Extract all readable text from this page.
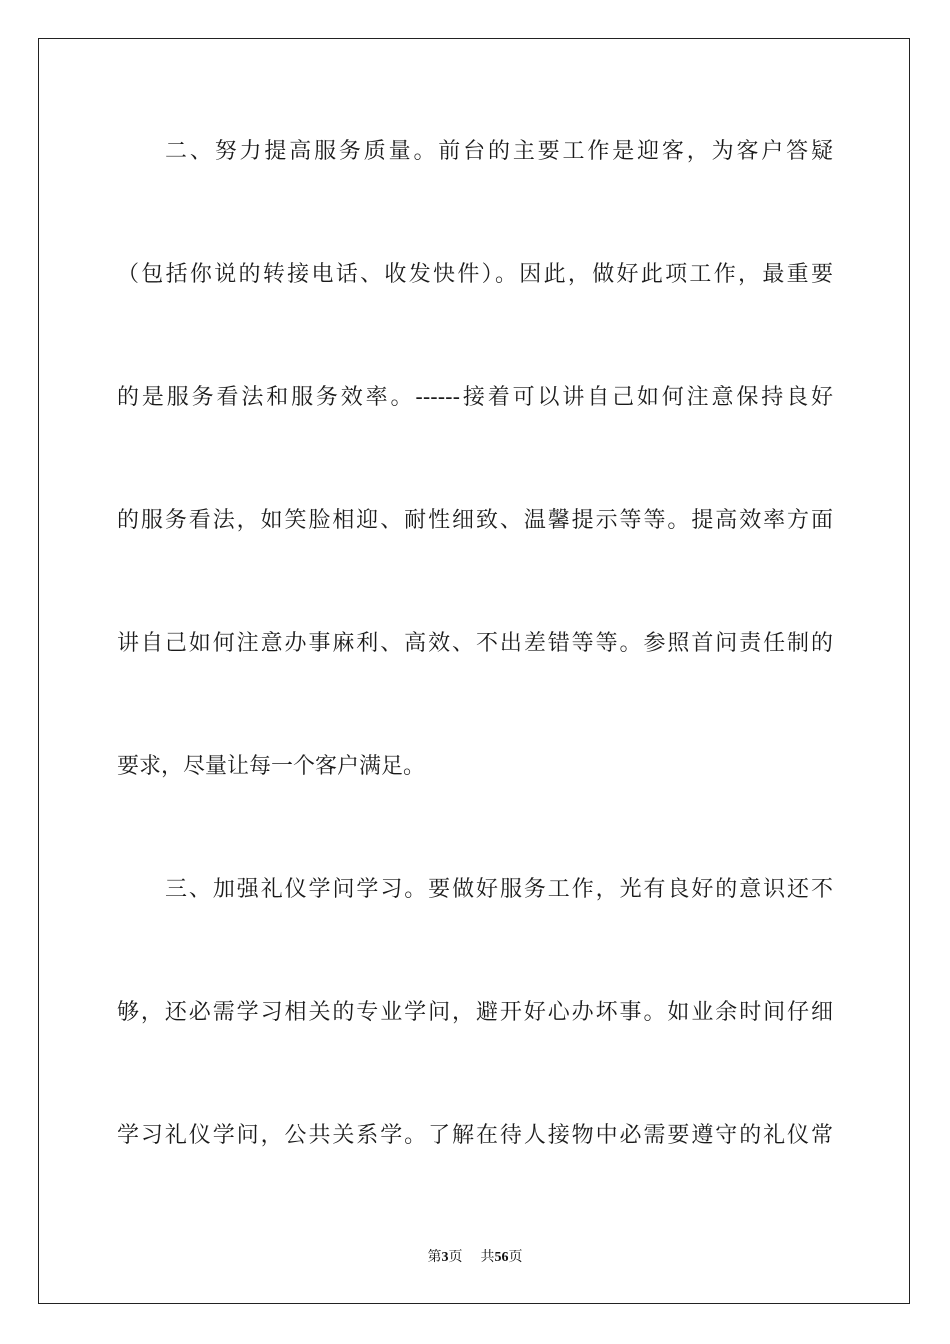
二、努力提高服务质量。前台的主要工作是迎客，为客户答疑
（包括你说的转接电话、收发快件）。因此，做好此项工作，最重要
的是服务看法和服务效率。------接着可以讲自己如何注意保持良好
的服务看法，如笑脸相迎、耐性细致、温馨提示等等。提高效率方面
讲自己如何注意办事麻利、高效、不出差错等等。参照首问责任制的
要求，尽量让每一个客户满足。
三、加强礼仪学问学习。要做好服务工作，光有良好的意识还不
够，还必需学习相关的专业学问，避开好心办坏事。如业余时间仔细
学习礼仪学问，公共关系学。了解在待人接物中必需要遵守的礼仪常
第3页 共56页
